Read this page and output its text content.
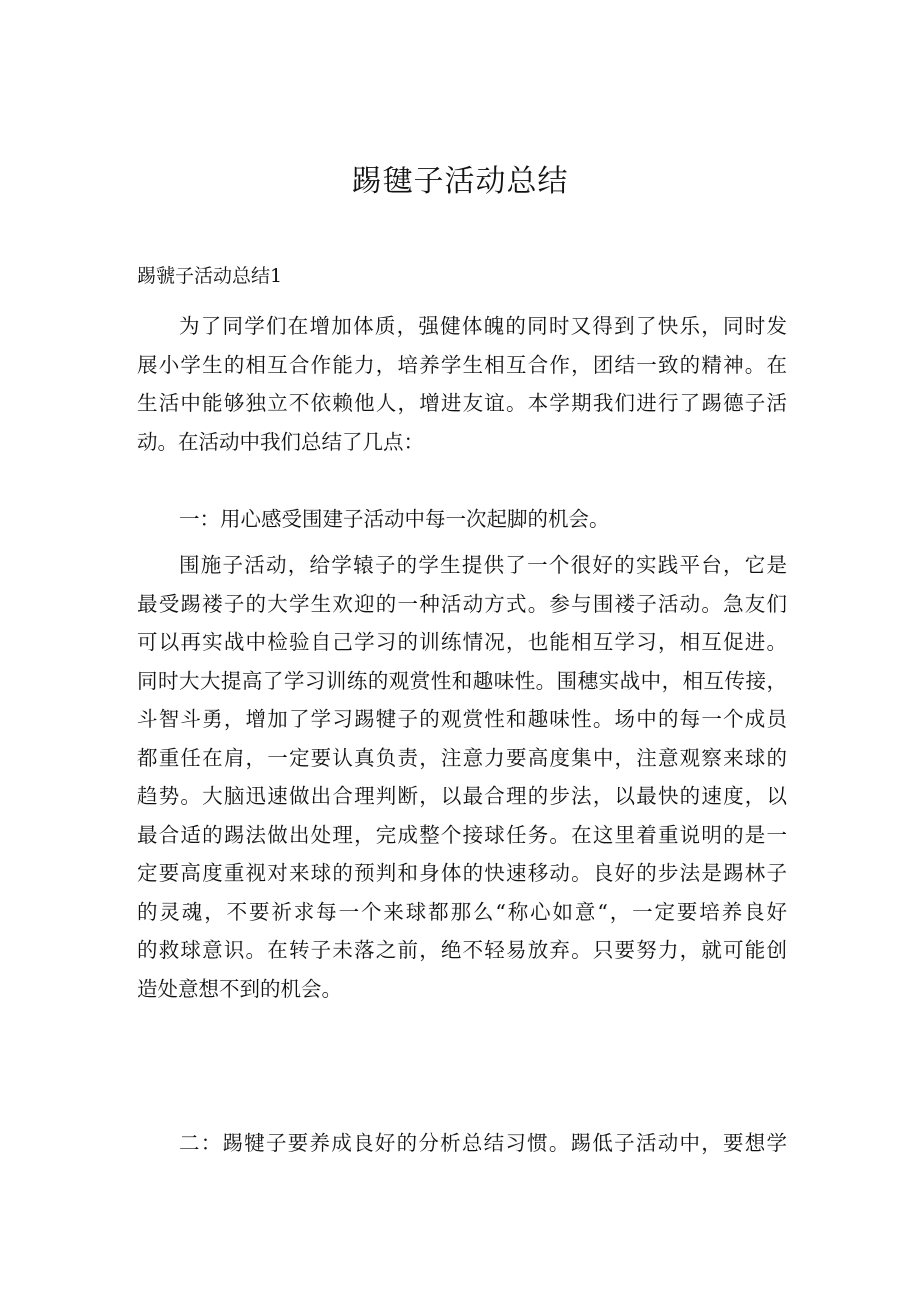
踢毽子活动总结
踢虢子活动总结1
为了同学们在增加体质，强健体魄的同时又得到了快乐，同时发
展小学生的相互合作能力，培养学生相互合作，团结一致的精神。在
生活中能够独立不依赖他人，增进友谊。本学期我们进行了踢德子活
动。在活动中我们总结了几点：
一：用心感受围建子活动中每一次起脚的机会。
围施子活动，给学辕子的学生提供了一个很好的实践平台，它是
最受踢褛子的大学生欢迎的一种活动方式。参与围褛子活动。急友们
可以再实战中检验自己学习的训练情况，也能相互学习，相互促进。
同时大大提高了学习训练的观赏性和趣味性。围穗实战中，相互传接，
斗智斗勇，增加了学习踢犍子的观赏性和趣味性。场中的每一个成员
都重任在肩，一定要认真负责，注意力要高度集中，注意观察来球的
趋势。大脑迅速做出合理判断，以最合理的步法，以最快的速度，以
最合适的踢法做出处理，完成整个接球任务。在这里着重说明的是一
定要高度重视对来球的预判和身体的快速移动。良好的步法是踢林子
的灵魂，不要祈求每一个来球都那么“称心如意“，一定要培养良好
的救球意识。在转子未落之前，绝不轻易放弃。只要努力，就可能创
造处意想不到的机会。
二：踢犍子要养成良好的分析总结习惯。踢低子活动中，要想学
